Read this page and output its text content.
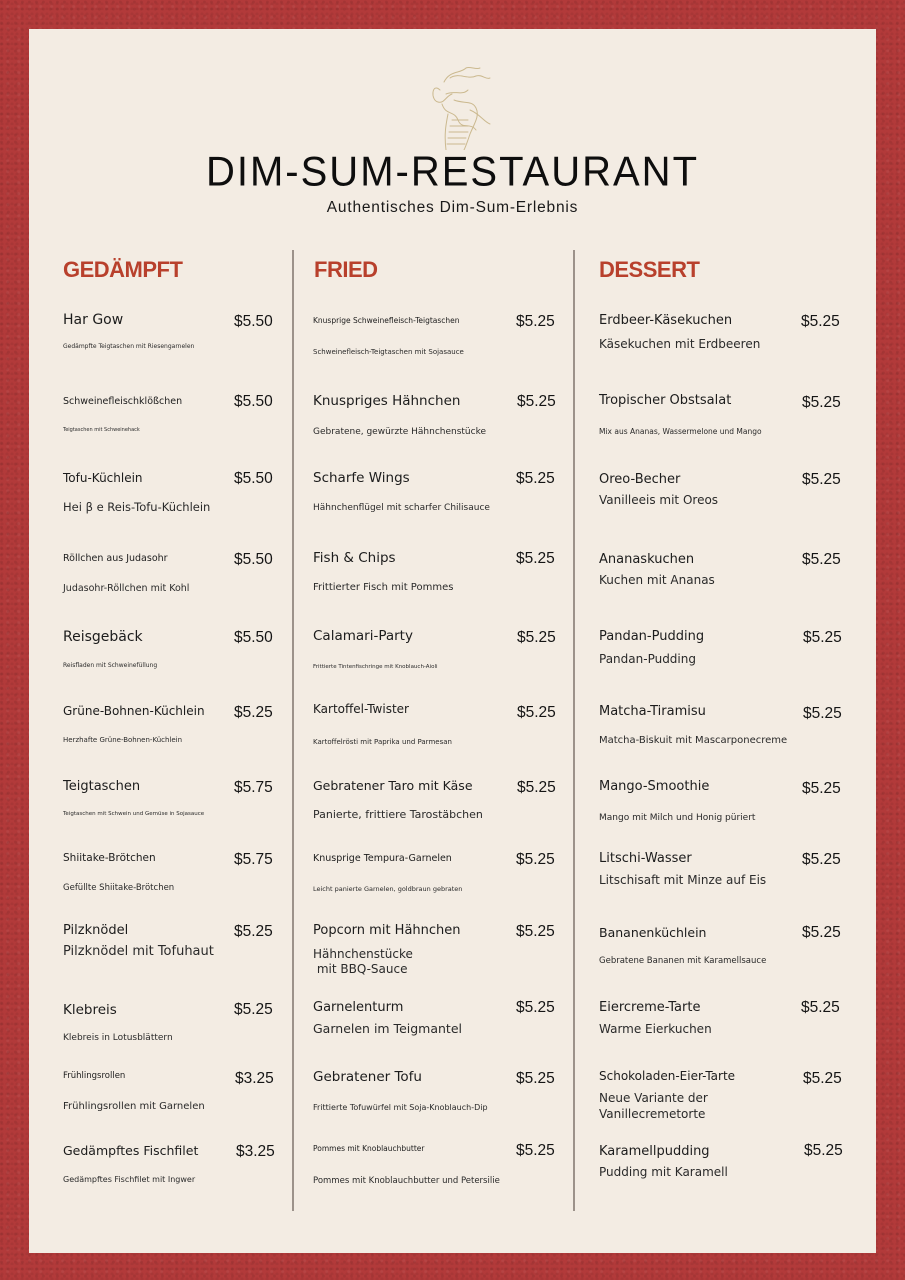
DIM-SUM-RESTAURANT
Authentisches Dim-Sum-Erlebnis
GEDÄMPFT
Har Gow	$5.50
Gedämpfte Teigtaschen mit Riesengarnelen
Schweinefleischklößchen	$5.50
Teigtaschen mit Schweinehack
Tofu-Küchlein	$5.50
Hei β e Reis-Tofu-Küchlein
Röllchen aus Judasohr	$5.50
Judasohr-Röllchen mit Kohl
Reisgebäck	$5.50
Reisfladen mit Schweinefüllung
Grüne-Bohnen-Küchlein $5.25
Herzhafte Grüne-Bohnen-Küchlein
Teigtaschen	$5.75
Teigtaschen mit Schwein und Gemüse in Sojasauce
Shiitake-Brötchen	$5.75
Gefüllte Shiitake-Brötchen
Pilzknödel	$5.25
Pilzknödel mit Tofuhaut
Klebreis	$5.25
Klebreis in Lotusblättern
Frühlingsrollen	$3.25
Frühlingsrollen mit Garnelen
Gedämpftes Fischfilet $3.25
Gedämpftes Fischfilet mit Ingwer
FRIED
Knusprige Schweinefleisch-Teigtaschen	$5.25
Schweinefleisch-Teigtaschen mit Sojasauce
Knuspriges Hähnchen	$5.25
Gebratene, gewürzte Hähnchenstücke
Scharfe Wings	$5.25
Hähnchenflügel mit scharfer Chilisauce
Fish & Chips	$5.25
Frittierter Fisch mit Pommes
Calamari-Party	$5.25
Frittierte Tintenfischringe mit Knoblauch-Aioli
Kartoffel-Twister	$5.25
Kartoffelrösti mit Paprika und Parmesan
Gebratener Taro mit Käse	$5.25
Panierte, frittiere Tarostäbchen
Knusprige Tempura-Garnelen	$5.25
Leicht panierte Garnelen, goldbraun gebraten
Popcorn mit Hähnchen	$5.25
Hähnchenstücke
mit BBQ-Sauce
Garnelenturm	$5.25
Garnelen im Teigmantel
Gebratener Tofu	$5.25
Frittierte Tofuwürfel mit Soja-Knoblauch-Dip
Pommes mit Knoblauchbutter	$5.25
Pommes mit Knoblauchbutter und Petersilie
DESSERT
Erdbeer-Käsekuchen	$5.25
Käsekuchen mit Erdbeeren
Tropischer Obstsalat	$5.25
Mix aus Ananas, Wassermelone und Mango
Oreo-Becher	$5.25
Vanilleeis mit Oreos
Ananaskuchen	$5.25
Kuchen mit Ananas
Pandan-Pudding	$5.25
Pandan-Pudding
Matcha-Tiramisu	$5.25
Matcha-Biskuit mit Mascarponecreme
Mango-Smoothie	$5.25
Mango mit Milch und Honig püriert
Litschi-Wasser	$5.25
Litschisaft mit Minze auf Eis
Bananenküchlein	$5.25
Gebratene Bananen mit Karamellsauce
Eiercreme-Tarte	$5.25
Warme Eierkuchen
Schokoladen-Eier-Tarte	$5.25
Neue Variante der
Vanillecremetorte
Karamellpudding	$5.25
Pudding mit Karamell
